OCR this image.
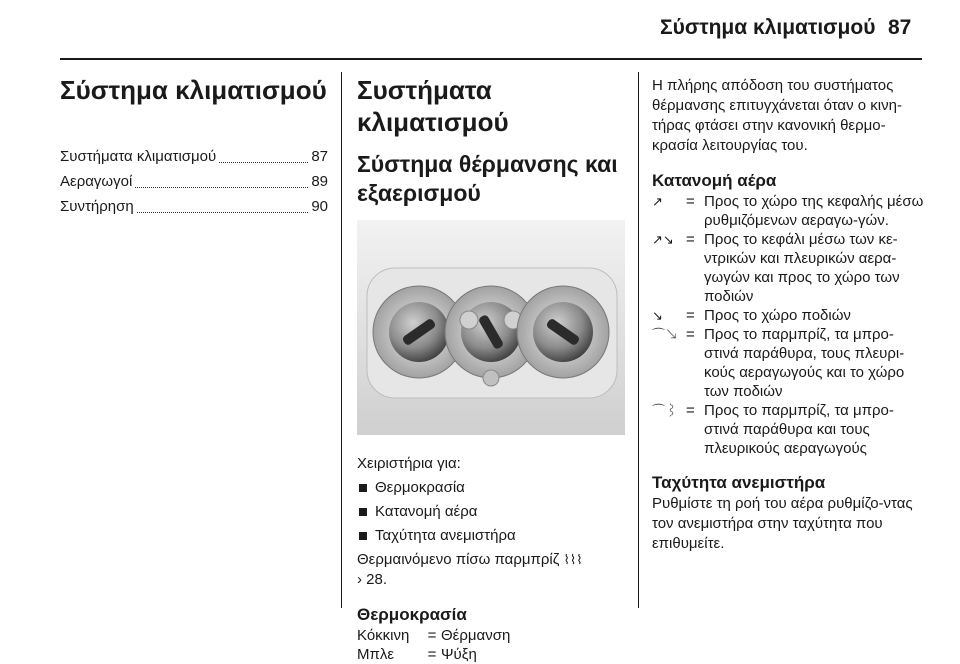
Σύστημα κλιματισμού 87
Σύστημα κλιματισμού
Συστήματα κλιματισμού	87
Αεραγωγοί	89
Συντήρηση	90
Συστήματα κλιματισμού
Σύστημα θέρμανσης και εξαερισμού

Χειριστήρια για:

Θερμοκρασία
Κατανομή αέρα
Ταχύτητα ανεμιστήρα

Θερμαινόμενο πίσω παρμπρίζ ⌇⌇⌇

› 28.

Θερμοκρασία
Κόκκινη	= Θέρμανση
Μπλε	= Ψύξη

Η πλήρης απόδοση του συστήματος θέρμανσης επιτυγχάνεται όταν ο κινη-τήρας φτάσει στην κανονική θερμο-κρασία λειτουργίας του.

Κατανομή αέρα
↗	= Προς το χώρο της κεφαλής μέσω ρυθμιζόμενων αεραγω-γών.
↗↘ = Προς το κεφάλι μέσω των κε-ντρικών και πλευρικών αερα-γωγών και προς το χώρο των ποδιών
↘	= Προς το χώρο ποδιών
⌒↘ = Προς το παρμπρίζ, τα μπρο-στινά παράθυρα, τους πλευρι-κούς αεραγωγούς και το χώρο των ποδιών
⌒⌇ = Προς το παρμπρίζ, τα μπρο-στινά παράθυρα και τους πλευρικούς αεραγωγούς
Ταχύτητα ανεμιστήρα

Ρυθμίστε τη ροή του αέρα ρυθμίζο-ντας τον ανεμιστήρα στην ταχύτητα που επιθυμείτε.
